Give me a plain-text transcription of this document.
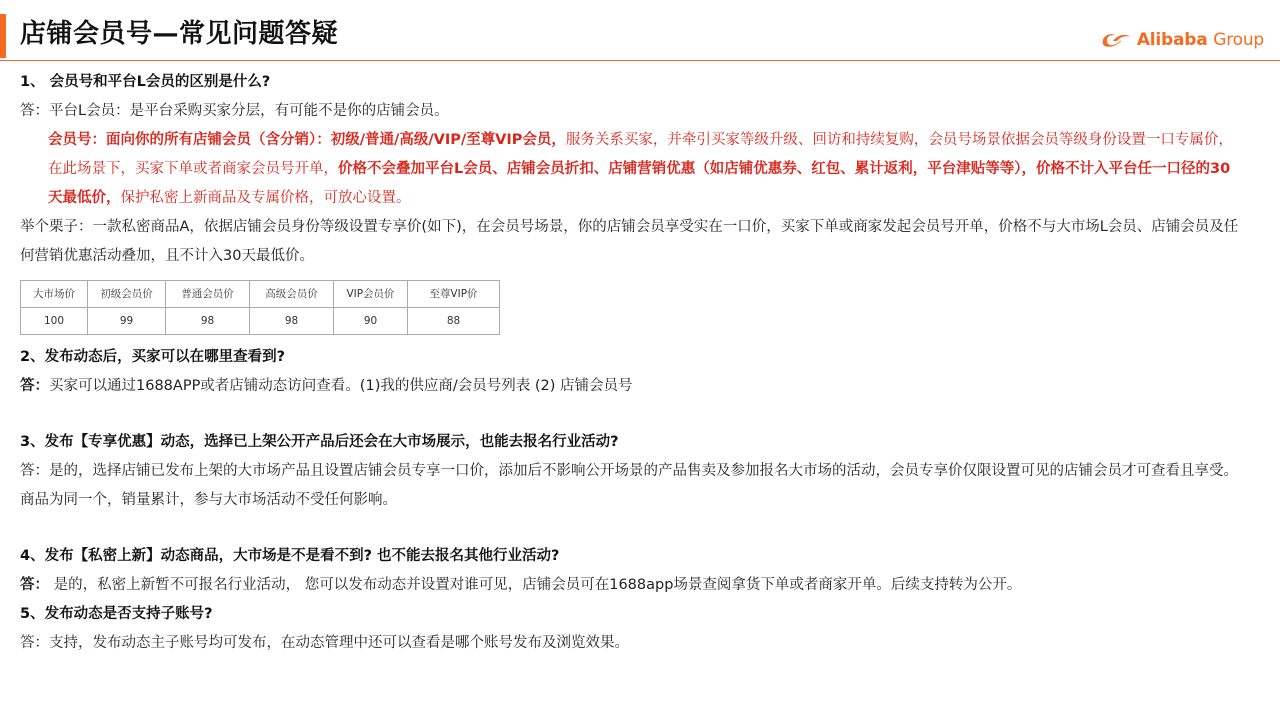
店铺会员号—常见问题答疑	Alibaba Group

1、 会员号和平台L会员的区别是什么?

答：平台L会员：是平台采购买家分层，有可能不是你的店铺会员。

会员号：面向你的所有店铺会员（含分销）：初级/普通/高级/VIP/至尊VIP会员，服务关系买家，并牵引买家等级升级、回访和持续复购，会员号场景依据会员等级身份设置一口专属价，在此场景下，买家下单或者商家会员号开单，价格不会叠加平台L会员、店铺会员折扣、店铺营销优惠（如店铺优惠券、红包、累计返利，平台津贴等等），价格不计入平台任一口径的30天最低价，保护私密上新商品及专属价格，可放心设置。

举个栗子：一款私密商品A，依据店铺会员身份等级设置专享价(如下)，在会员号场景，你的店铺会员享受实在一口价，买家下单或商家发起会员号开单，价格不与大市场L会员、店铺会员及任何营销优惠活动叠加，且不计入30天最低价。

大市场价	初级会员价	普通会员价	高级会员价	VIP会员价	至尊VIP价
100	99	98	98	90	88

2、发布动态后，买家可以在哪里查看到?

答：买家可以通过1688APP或者店铺动态访问查看。(1)我的供应商/会员号列表 (2) 店铺会员号

3、发布【专享优惠】动态，选择已上架公开产品后还会在大市场展示，也能去报名行业活动?

答：是的，选择店铺已发布上架的大市场产品且设置店铺会员专享一口价，添加后不影响公开场景的产品售卖及参加报名大市场的活动，会员专享价仅限设置可见的店铺会员才可查看且享受。商品为同一个，销量累计，参与大市场活动不受任何影响。

4、发布【私密上新】动态商品，大市场是不是看不到? 也不能去报名其他行业活动?

答： 是的，私密上新暂不可报名行业活动， 您可以发布动态并设置对谁可见，店铺会员可在1688app场景查阅拿货下单或者商家开单。后续支持转为公开。

5、发布动态是否支持子账号?

答：支持，发布动态主子账号均可发布，在动态管理中还可以查看是哪个账号发布及浏览效果。
